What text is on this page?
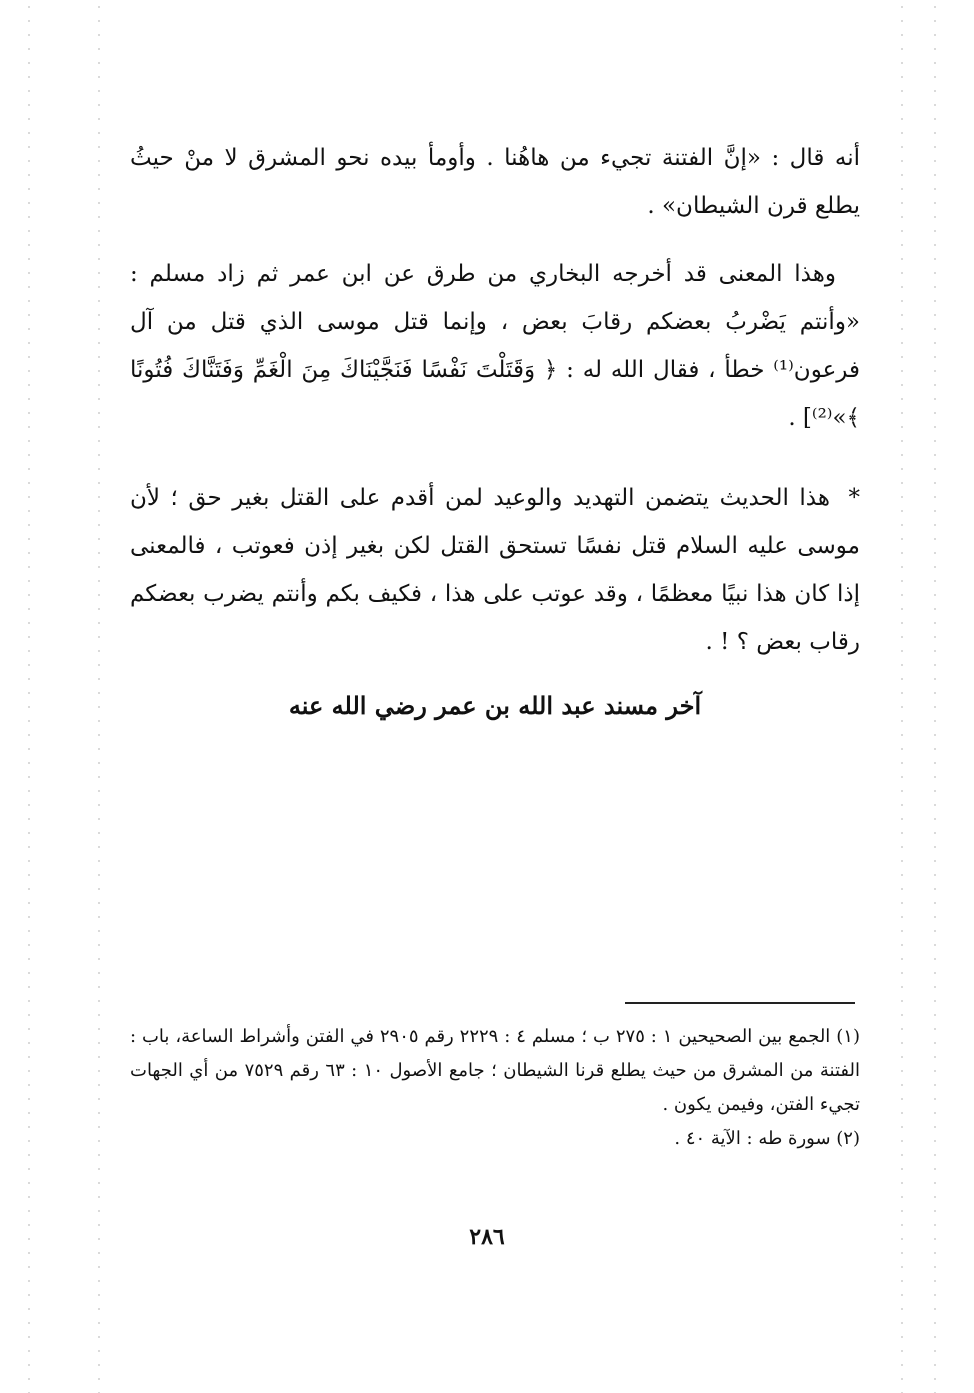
أنه قال : «إنَّ الفتنة تجيء من هاهُنا . وأومأ بيده نحو المشرق لا منْ حيثُ يطلع قرن الشيطان» .

وهذا المعنى قد أخرجه البخاري من طرق عن ابن عمر ثم زاد مسلم : «وأنتم يَضْربُ بعضكم رقابَ بعض ، وإنما قتل موسى الذي قتل من آل فرعون⁽¹⁾ خطأ ، فقال الله له : ﴿ وَقَتَلْتَ نَفْسًا فَنَجَّيْنَاكَ مِنَ الْغَمِّ وَفَتَنَّاكَ فُتُونًا ﴾»⁽²⁾] .

* هذا الحديث يتضمن التهديد والوعيد لمن أقدم على القتل بغير حق ؛ لأن موسى عليه السلام قتل نفسًا تستحق القتل لكن بغير إذن فعوتب ، فالمعنى إذا كان هذا نبيًا معظمًا ، وقد عوتب على هذا ، فكيف بكم وأنتم يضرب بعضكم رقاب بعض ؟ ! .

آخر مسند عبد الله بن عمر رضي الله عنه

(١) الجمع بين الصحيحين ١ : ٢٧٥ ب ؛ مسلم ٤ : ٢٢٢٩ رقم ٢٩٠٥ في الفتن وأشراط الساعة، باب : الفتنة من المشرق من حيث يطلع قرنا الشيطان ؛ جامع الأصول ١٠ : ٦٣ رقم ٧٥٢٩ من أي الجهات تجيء الفتن، وفيمن يكون .

(٢) سورة طه : الآية ٤٠ .

٢٨٦
